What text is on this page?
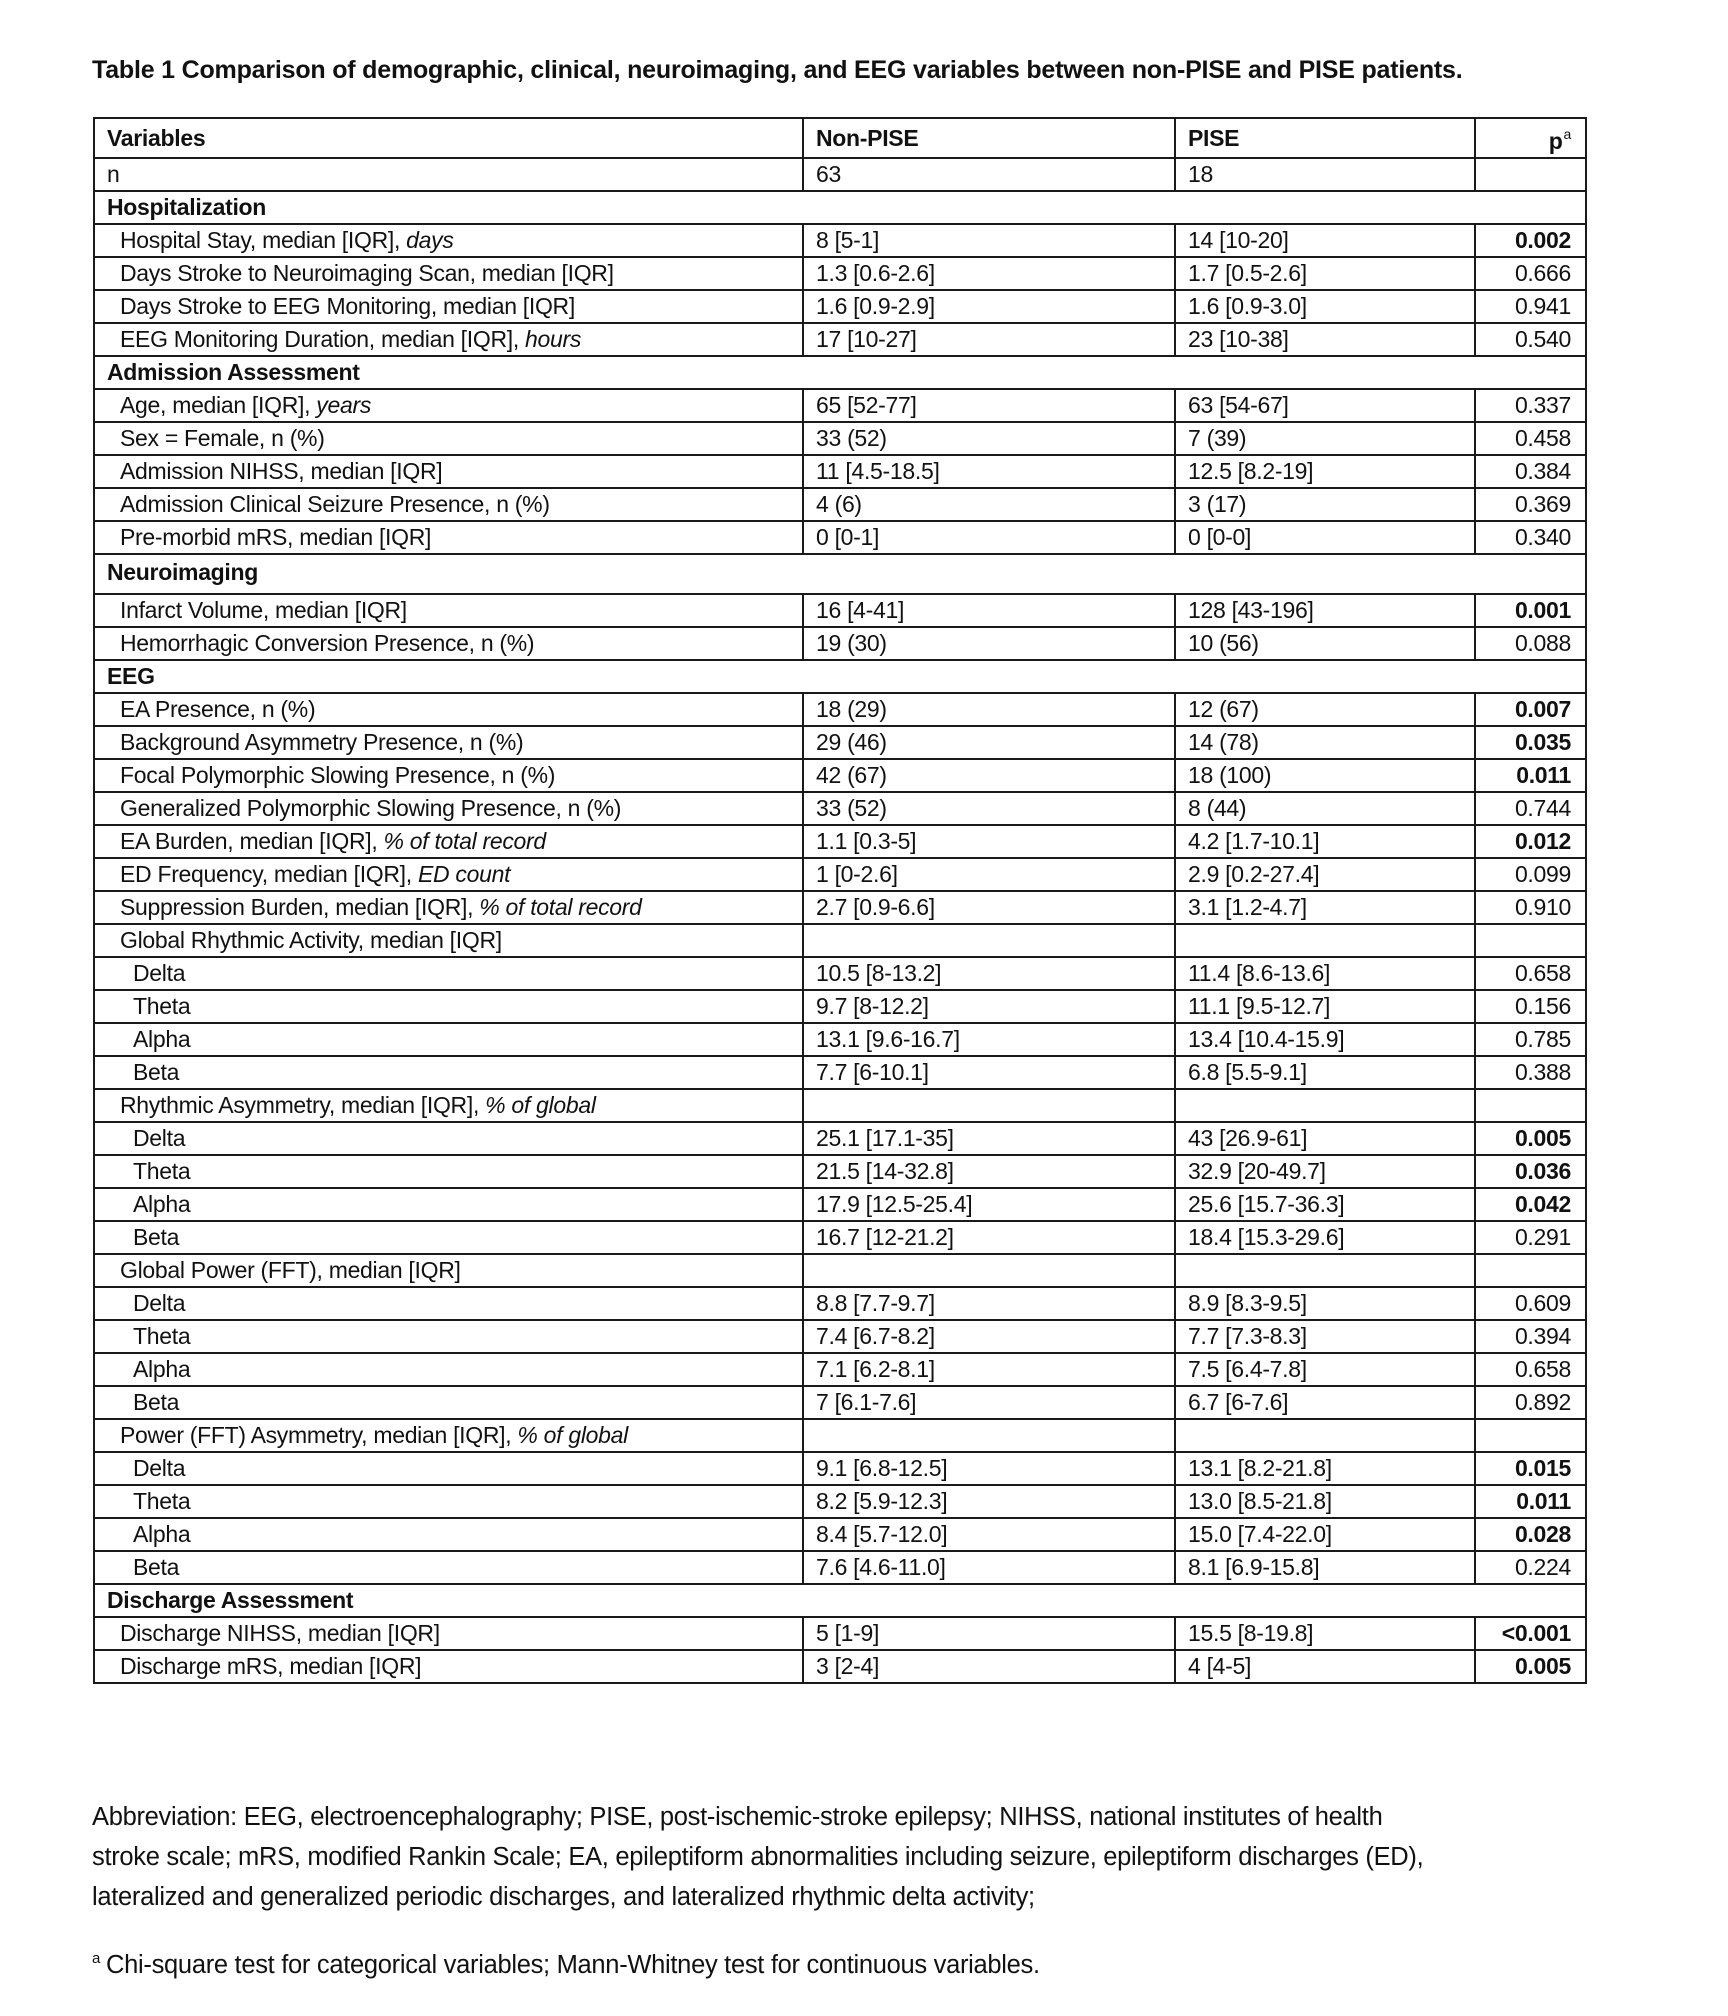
Table 1 Comparison of demographic, clinical, neuroimaging, and EEG variables between non-PISE and PISE patients.
Variables	Non-PISE	PISE	$p^a$
n	63	18	
Hospitalization			
Hospital Stay, median [IQR], days	8 [5-1]	14 [10-20]	0.002
Days Stroke to Neuroimaging Scan, median [IQR]	1.3 [0.6-2.6]	1.7 [0.5-2.6]	0.666
Days Stroke to EEG Monitoring, median [IQR]	1.6 [0.9-2.9]	1.6 [0.9-3.0]	0.941
EEG Monitoring Duration, median [IQR], hours	17 [10-27]	23 [10-38]	0.540
Admission Assessment			
Age, median [IQR], years	65 [52-77]	63 [54-67]	0.337
Sex = Female, n (%)	33 (52)	7 (39)	0.458
Admission NIHSS, median [IQR]	11 [4.5-18.5]	12.5 [8.2-19]	0.384
Admission Clinical Seizure Presence, n (%)	4 (6)	3 (17)	0.369
Pre-morbid mRS, median [IQR]	0 [0-1]	0 [0-0]	0.340
Neuroimaging			
Infarct Volume, median [IQR]	16 [4-41]	128 [43-196]	0.001
Hemorrhagic Conversion Presence, n (%)	19 (30)	10 (56)	0.088
EEG			
EA Presence, n (%)	18 (29)	12 (67)	0.007
Background Asymmetry Presence, n (%)	29 (46)	14 (78)	0.035
Focal Polymorphic Slowing Presence, n (%)	42 (67)	18 (100)	0.011
Generalized Polymorphic Slowing Presence, n (%)	33 (52)	8 (44)	0.744
EA Burden, median [IQR], % of total record	1.1 [0.3-5]	4.2 [1.7-10.1]	0.012
ED Frequency, median [IQR], ED count	1 [0-2.6]	2.9 [0.2-27.4]	0.099
Suppression Burden, median [IQR], % of total record	2.7 [0.9-6.6]	3.1 [1.2-4.7]	0.910
Global Rhythmic Activity, median [IQR]			
Delta	10.5 [8-13.2]	11.4 [8.6-13.6]	0.658
Theta	9.7 [8-12.2]	11.1 [9.5-12.7]	0.156
Alpha	13.1 [9.6-16.7]	13.4 [10.4-15.9]	0.785
Beta	7.7 [6-10.1]	6.8 [5.5-9.1]	0.388
Rhythmic Asymmetry, median [IQR], % of global			
Delta	25.1 [17.1-35]	43 [26.9-61]	0.005
Theta	21.5 [14-32.8]	32.9 [20-49.7]	0.036
Alpha	17.9 [12.5-25.4]	25.6 [15.7-36.3]	0.042
Beta	16.7 [12-21.2]	18.4 [15.3-29.6]	0.291
Global Power (FFT), median [IQR]			
Delta	8.8 [7.7-9.7]	8.9 [8.3-9.5]	0.609
Theta	7.4 [6.7-8.2]	7.7 [7.3-8.3]	0.394
Alpha	7.1 [6.2-8.1]	7.5 [6.4-7.8]	0.658
Beta	7 [6.1-7.6]	6.7 [6-7.6]	0.892
Power (FFT) Asymmetry, median [IQR], % of global			
Delta	9.1 [6.8-12.5]	13.1 [8.2-21.8]	0.015
Theta	8.2 [5.9-12.3]	13.0 [8.5-21.8]	0.011
Alpha	8.4 [5.7-12.0]	15.0 [7.4-22.0]	0.028
Beta	7.6 [4.6-11.0]	8.1 [6.9-15.8]	0.224
Discharge Assessment			
Discharge NIHSS, median [IQR]	5 [1-9]	15.5 [8-19.8]	<0.001
Discharge mRS, median [IQR]	3 [2-4]	4 [4-5]	0.005

Abbreviation: EEG, electroencephalography; PISE, post-ischemic-stroke epilepsy; NIHSS, national institutes of health

stroke scale; mRS, modified Rankin Scale; EA, epileptiform abnormalities including seizure, epileptiform discharges (ED),

lateralized and generalized periodic discharges, and lateralized rhythmic delta activity;

$^a$ Chi-square test for categorical variables; Mann-Whitney test for continuous variables.
